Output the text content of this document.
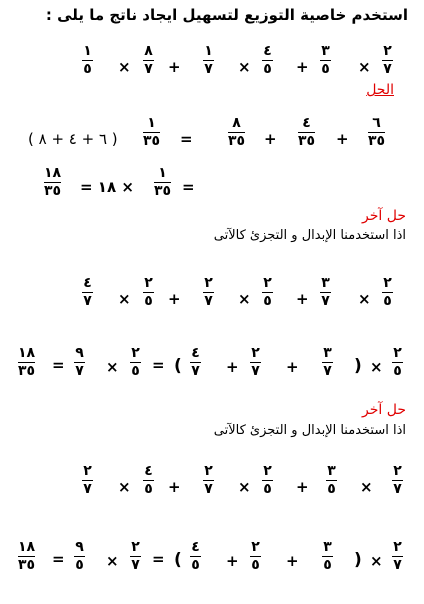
استخدم خاصية التوزيع لتسهيل ايجاد ناتج ما يلى :
٢
٧
×
٣
٥
+
٤
٥
×
١
٧
+
٨
٧
×
١
٥
الحل
٦
٣٥
+
٤
٣٥
+
٨
٣٥
=
١
٣٥
( ٦ + ٤ + ٨ )
=
١
٣٥
× ١٨ =
١٨
٣٥
حل آخر
اذا استخدمنا الإبدال و التجزئ كالآتى
٢
٥
×
٣
٧
+
٢
٥
×
٢
٧
+
٢
٥
×
٤
٧
٢
٥
×
)
٣
٧
+
٢
٧
+
٤
٧
(
=
٢
٥
×
٩
٧
=
١٨
٣٥
حل آخر
اذا استخدمنا الإبدال و التجزئ كالآتى
٢
٧
×
٣
٥
+
٢
٥
×
٢
٧
+
٤
٥
×
٢
٧
٢
٧
×
)
٣
٥
+
٢
٥
+
٤
٥
(
=
٢
٧
×
٩
٥
=
١٨
٣٥
